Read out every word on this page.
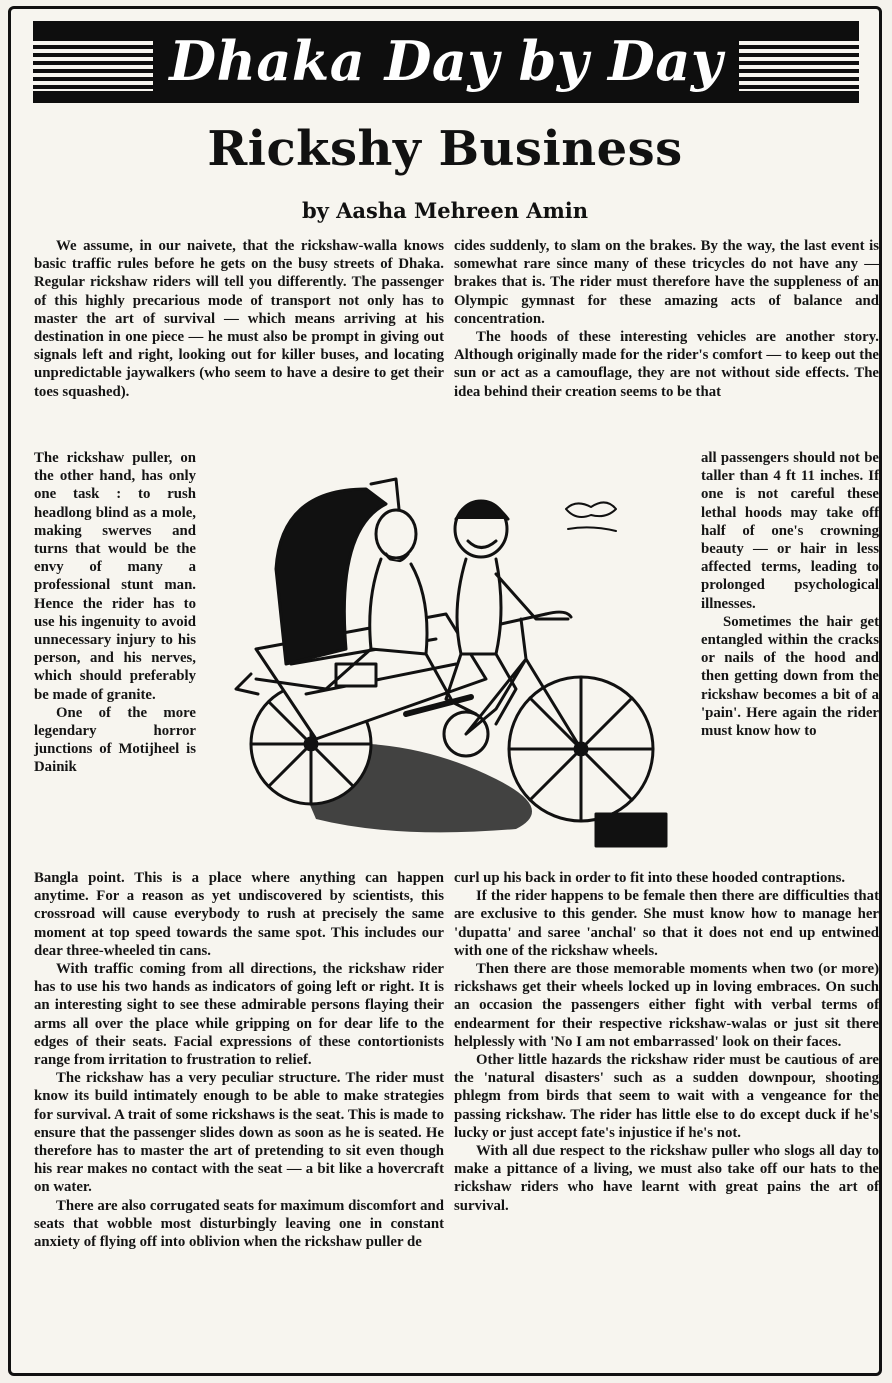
Dhaka Day by Day
Rickshy Business
by Aasha Mehreen Amin

We assume, in our naivete, that the rickshaw-walla knows basic traffic rules before he gets on the busy streets of Dhaka. Regular rickshaw riders will tell you differently. The passenger of this highly precarious mode of transport not only has to master the art of survival — which means arriving at his destination in one piece — he must also be prompt in giving out signals left and right, looking out for killer buses, and locating unpredictable jaywalkers (who seem to have a desire to get their toes squashed).

The rickshaw puller, on the other hand, has only one task : to rush headlong blind as a mole, making swerves and turns that would be the envy of many a professional stunt man. Hence the rider has to use his ingenuity to avoid unnecessary injury to his person, and his nerves, which should preferably be made of granite.

One of the more legendary horror junctions of Motijheel is Dainik

Bangla point. This is a place where anything can happen anytime. For a reason as yet undiscovered by scientists, this crossroad will cause everybody to rush at precisely the same moment at top speed towards the same spot. This includes our dear three-wheeled tin cans.

With traffic coming from all directions, the rickshaw rider has to use his two hands as indicators of going left or right. It is an interesting sight to see these admirable persons flaying their arms all over the place while gripping on for dear life to the edges of their seats. Facial expressions of these contortionists range from irritation to frustration to relief.

The rickshaw has a very peculiar structure. The rider must know its build intimately enough to be able to make strategies for survival. A trait of some rickshaws is the seat. This is made to ensure that the passenger slides down as soon as he is seated. He therefore has to master the art of pretending to sit even though his rear makes no contact with the seat — a bit like a hovercraft on water.

There are also corrugated seats for maximum discomfort and seats that wobble most disturbingly leaving one in constant anxiety of flying off into oblivion when the rickshaw puller de

cides suddenly, to slam on the brakes. By the way, the last event is somewhat rare since many of these tricycles do not have any — brakes that is. The rider must therefore have the suppleness of an Olympic gymnast for these amazing acts of balance and concentration.

The hoods of these interesting vehicles are another story. Although originally made for the rider's comfort — to keep out the sun or act as a camouflage, they are not without side effects. The idea behind their creation seems to be that

all passengers should not be taller than 4 ft 11 inches. If one is not careful these lethal hoods may take off half of one's crowning beauty — or hair in less affected terms, leading to prolonged psychological illnesses.

Sometimes the hair get entangled within the cracks or nails of the hood and then getting down from the rickshaw becomes a bit of a 'pain'. Here again the rider must know how to

curl up his back in order to fit into these hooded contraptions.

If the rider happens to be female then there are difficulties that are exclusive to this gender. She must know how to manage her 'dupatta' and saree 'anchal' so that it does not end up entwined with one of the rickshaw wheels.

Then there are those memorable moments when two (or more) rickshaws get their wheels locked up in loving embraces. On such an occasion the passengers either fight with verbal terms of endearment for their respective rickshaw-walas or just sit there helplessly with 'No I am not embarrassed' look on their faces.

Other little hazards the rickshaw rider must be cautious of are the 'natural disasters' such as a sudden downpour, shooting phlegm from birds that seem to wait with a vengeance for the passing rickshaw. The rider has little else to do except duck if he's lucky or just accept fate's injustice if he's not.

With all due respect to the rickshaw puller who slogs all day to make a pittance of a living, we must also take off our hats to the rickshaw riders who have learnt with great pains the art of survival.
